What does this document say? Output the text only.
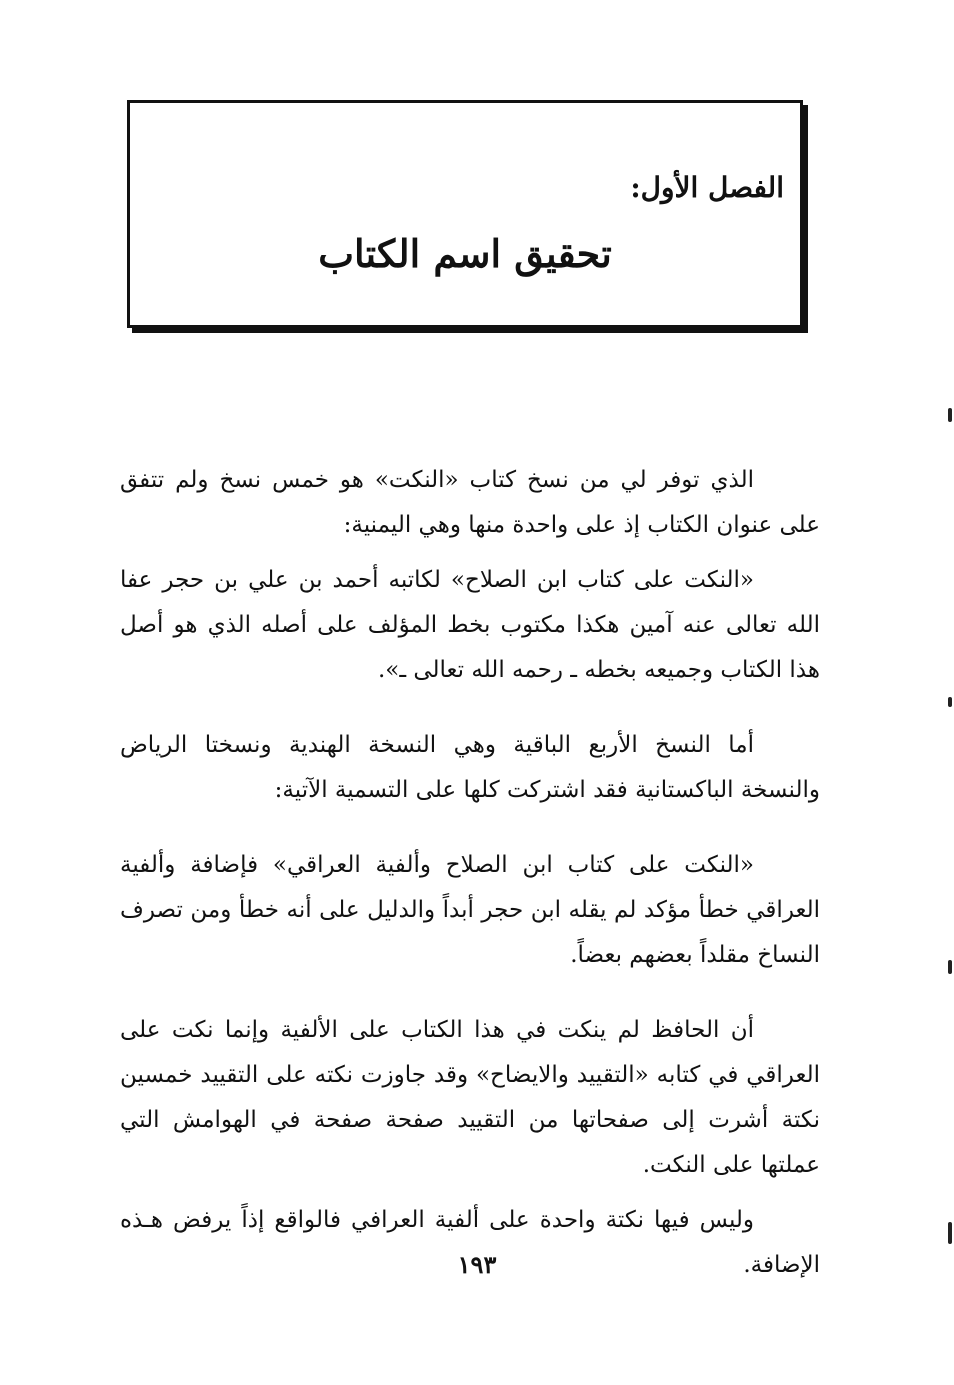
الفصل الأول:
تحقيق اسم الكتاب

الذي توفر لي من نسخ كتاب «النكت» هو خمس نسخ ولم تتفق على عنوان الكتاب إذ على واحدة منها وهي اليمنية:

«النكت على كتاب ابن الصلاح» لكاتبه أحمد بن علي بن حجر عفا الله تعالى عنه آمين هكذا مكتوب بخط المؤلف على أصله الذي هو أصل هذا الكتاب وجميعه بخطه ـ رحمه الله تعالى ـ».

أما النسخ الأربع الباقية وهي النسخة الهندية ونسختا الرياض والنسخة الباكستانية فقد اشتركت كلها على التسمية الآتية:

«النكت على كتاب ابن الصلاح وألفية العراقي» فإضافة وألفية العراقي خطأ مؤكد لم يقله ابن حجر أبداً والدليل على أنه خطأ ومن تصرف النساخ مقلداً بعضهم بعضاً.

أن الحافظ لم ينكت في هذا الكتاب على الألفية وإنما نكت على العراقي في كتابه «التقييد والايضاح» وقد جاوزت نكته على التقييد خمسين نكتة أشرت إلى صفحاتها من التقييد صفحة صفحة في الهوامش التي عملتها على النكت.

وليس فيها نكتة واحدة على ألفية العرافي فالواقع إذاً يرفض هـذه الإضافة.

١٩٣
